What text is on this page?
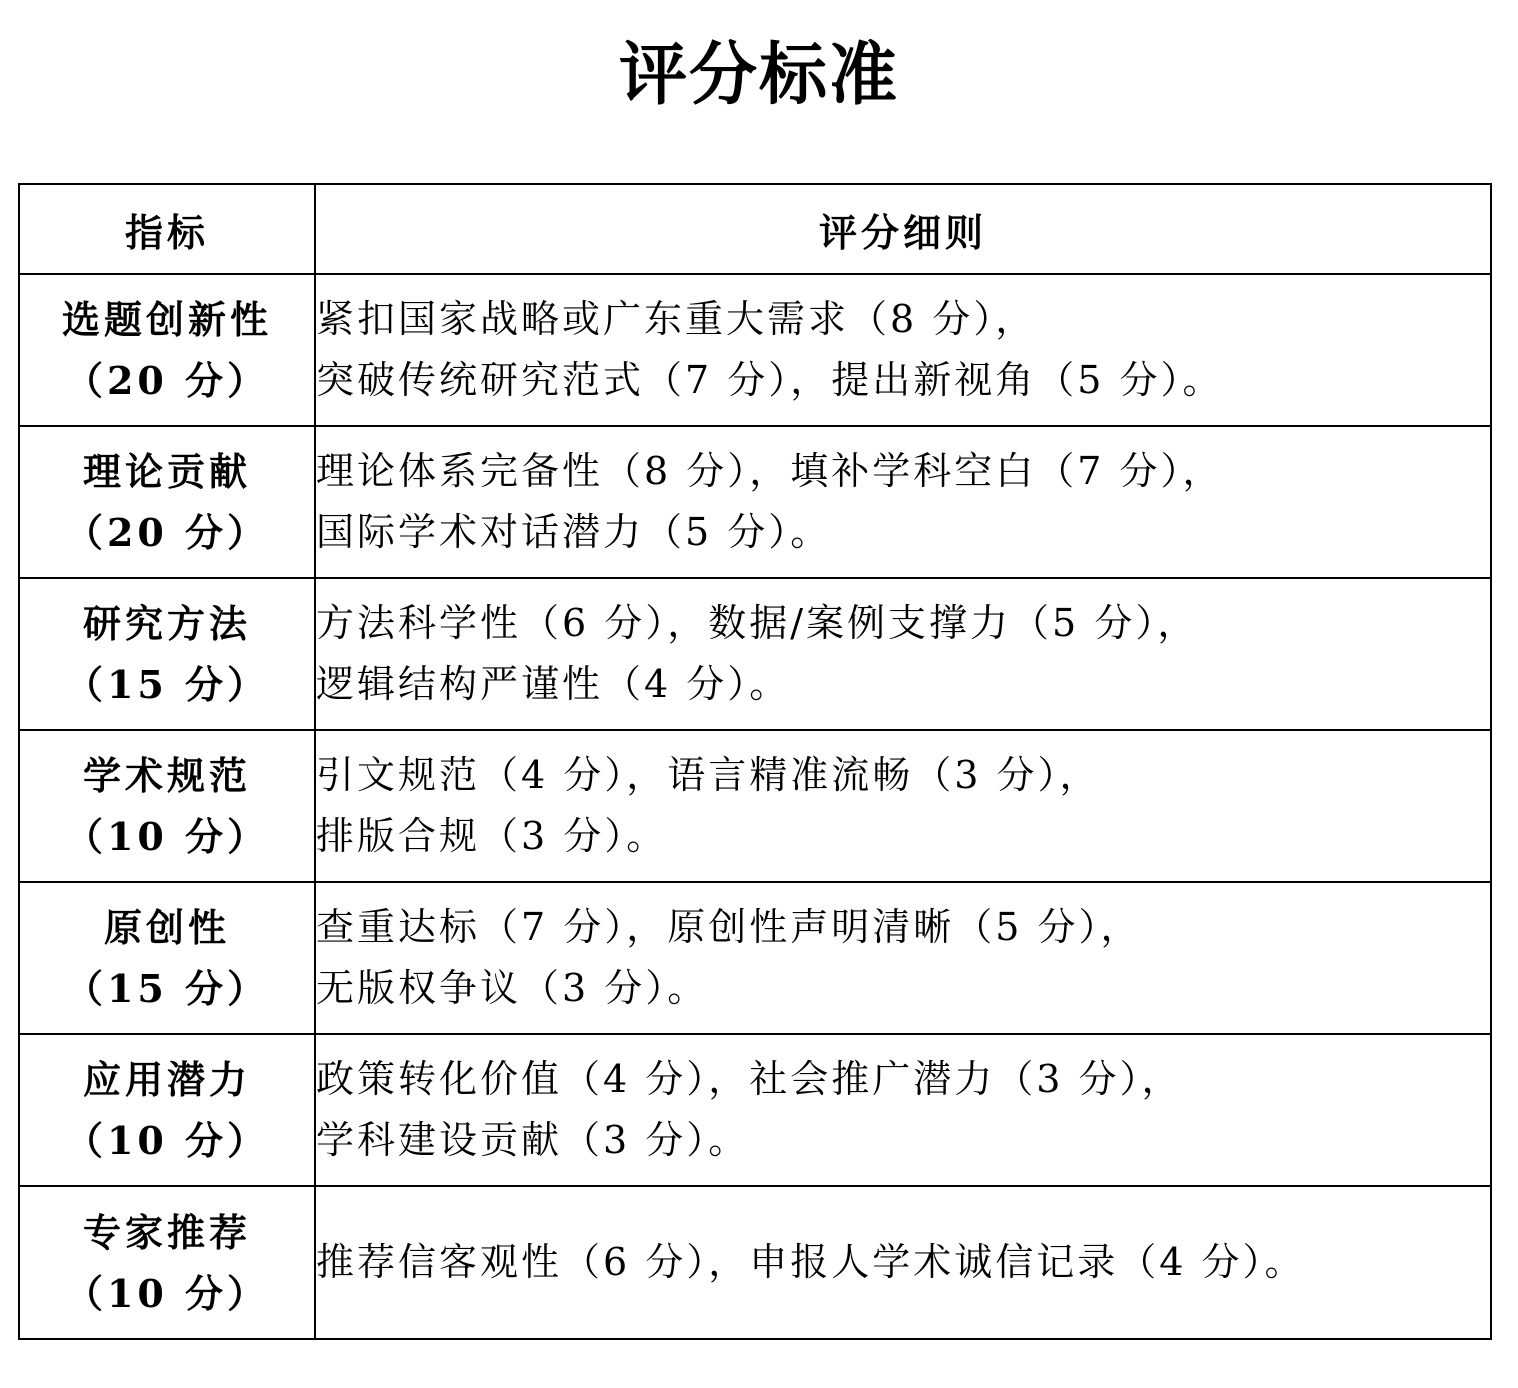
评分标准
指标	评分细则

选题创新性
（20 分）	紧扣国家战略或广东重大需求（8 分），
突破传统研究范式（7 分），提出新视角（5 分）。

理论贡献
（20 分）	理论体系完备性（8 分），填补学科空白（7 分），
国际学术对话潜力（5 分）。

研究方法
（15 分）	方法科学性（6 分），数据/案例支撑力（5 分），
逻辑结构严谨性（4 分）。

学术规范
（10 分）	引文规范（4 分），语言精准流畅（3 分），
排版合规（3 分）。

原创性
（15 分）	查重达标（7 分），原创性声明清晰（5 分），
无版权争议（3 分）。

应用潜力
（10 分）	政策转化价值（4 分），社会推广潜力（3 分），
学科建设贡献（3 分）。

专家推荐
（10 分）	推荐信客观性（6 分），申报人学术诚信记录（4 分）。
